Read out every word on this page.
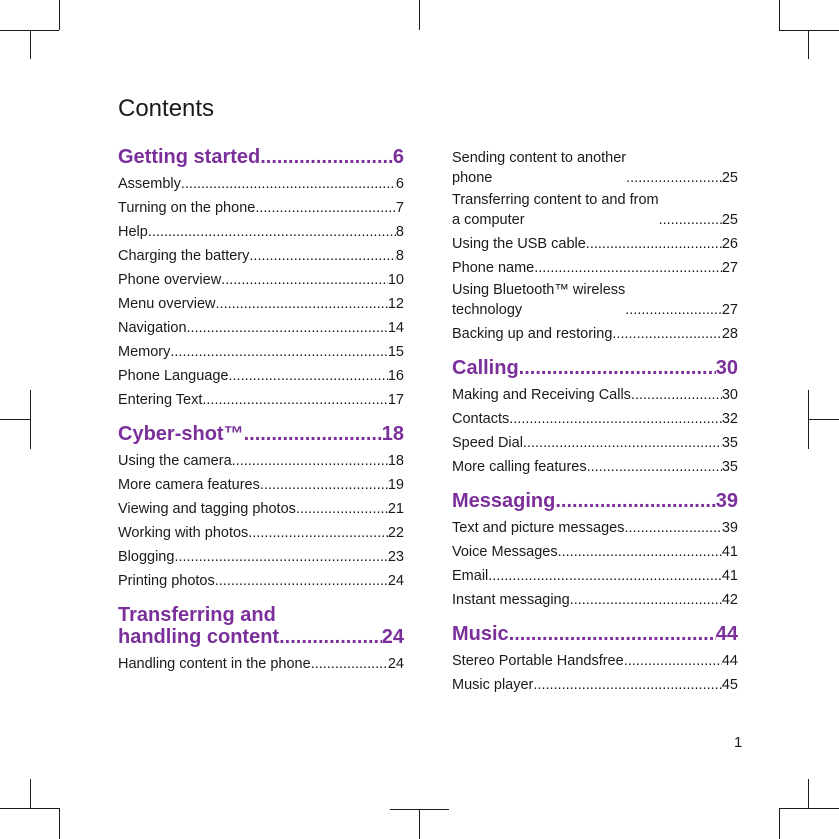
Contents
Getting started .....	6
Assembly .....	6
Turning on the phone .....	7
Help .....	8
Charging the battery .....	8
Phone overview .....	10
Menu overview .....	12
Navigation .....	14
Memory .....	15
Phone Language .....	16
Entering Text .....	17
Cyber-shot™ .....	18
Using the camera .....	18
More camera features .....	19
Viewing and tagging photos .....	21
Working with photos .....	22
Blogging .....	23
Printing photos .....	24
Transferring and
handling content .....	24
Handling content in the phone .....	24
Sending content to another
phone .....	25
Transferring content to and from
a computer .....	25
Using the USB cable .....	26
Phone name .....	27
Using Bluetooth™ wireless
technology .....	27
Backing up and restoring .....	28
Calling .....	30
Making and Receiving Calls .....	30
Contacts .....	32
Speed Dial .....	35
More calling features .....	35
Messaging .....	39
Text and picture messages .....	39
Voice Messages .....	41
Email .....	41
Instant messaging .....	42
Music .....	44
Stereo Portable Handsfree .....	44
Music player .....	45
1
